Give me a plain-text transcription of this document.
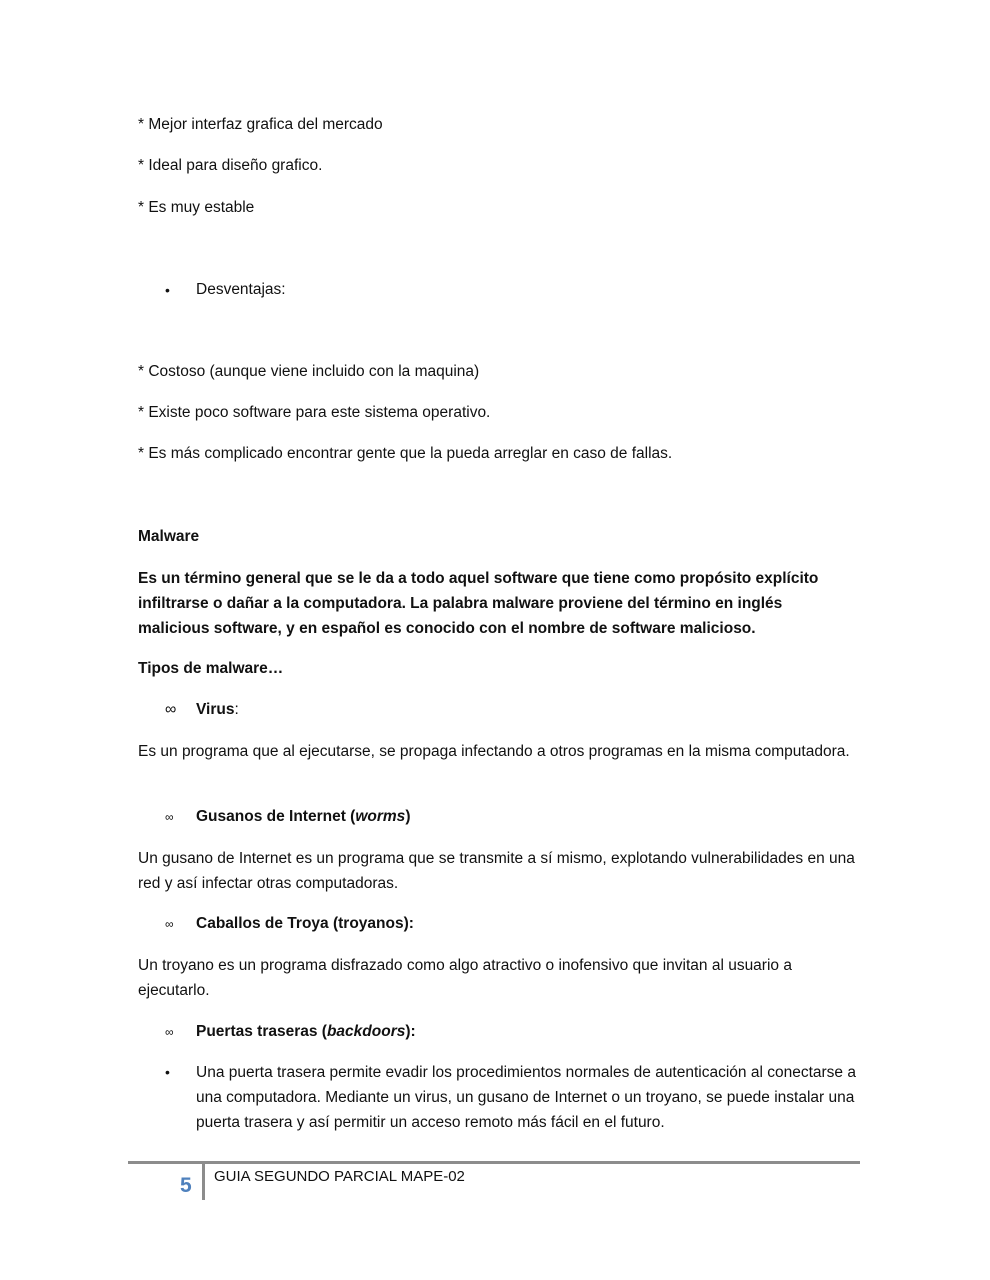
* Mejor interfaz grafica del mercado
* Ideal para diseño grafico.
* Es muy estable
• Desventajas:
* Costoso (aunque viene incluido con la maquina)
* Existe poco software para este sistema operativo.
* Es más complicado encontrar gente que la pueda arreglar en caso de fallas.
Malware
Es un término general que se le da a todo aquel software que tiene como propósito explícito infiltrarse o dañar a la computadora. La palabra malware proviene del término en inglés malicious software, y en español es conocido con el nombre de software malicioso.
Tipos de malware…
∞ Virus:
Es un programa que al ejecutarse, se propaga infectando a otros programas en la misma computadora.
∞ Gusanos de Internet (worms)
Un gusano de Internet es un programa que se transmite a sí mismo, explotando vulnerabilidades en una red y así infectar otras computadoras.
∞ Caballos de Troya (troyanos):
Un troyano es un programa disfrazado como algo atractivo o inofensivo que invitan al usuario a ejecutarlo.
∞ Puertas traseras (backdoors):
• Una puerta trasera permite evadir los procedimientos normales de autenticación al conectarse a una computadora. Mediante un virus, un gusano de Internet o un troyano, se puede instalar una puerta trasera y así permitir un acceso remoto más fácil en el futuro.
5 GUIA SEGUNDO PARCIAL MAPE-02
